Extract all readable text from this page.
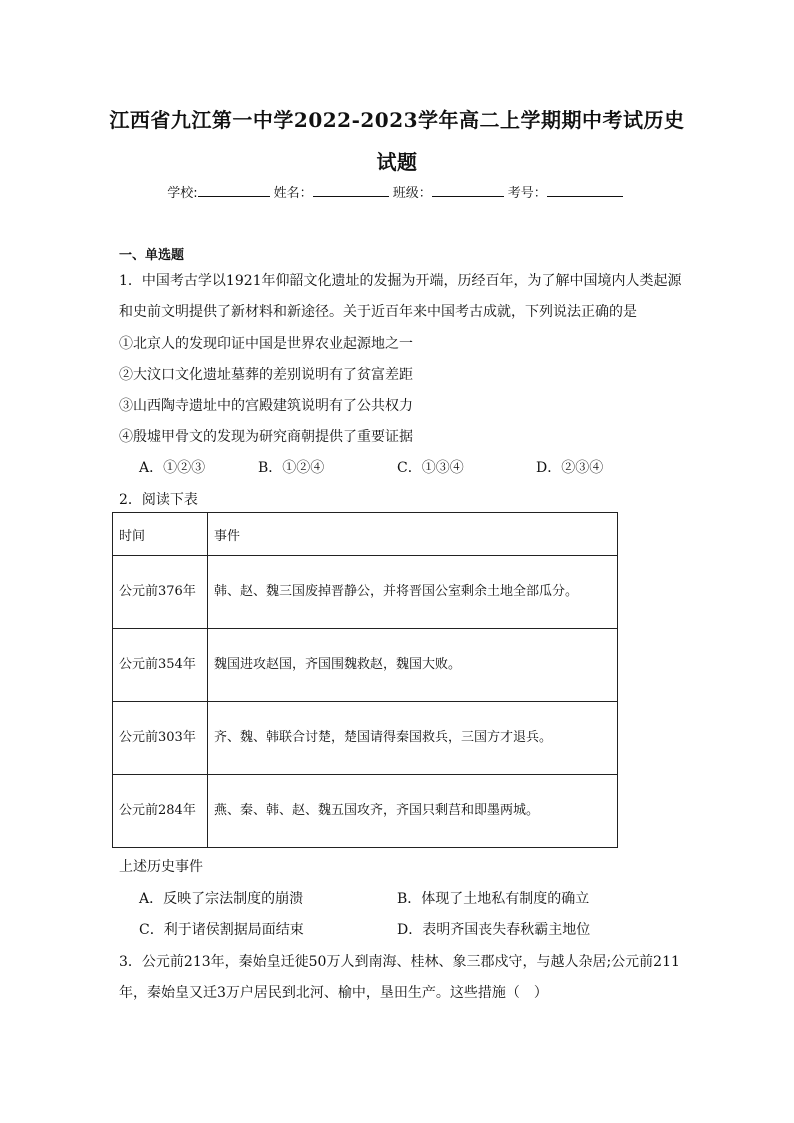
江西省九江第一中学2022-2023学年高二上学期期中考试历史
试题
学校:	姓名：	班级：	考号：
一、单选题
1．中国考古学以1921年仰韶文化遗址的发掘为开端，历经百年，为了解中国境内人类起源
和史前文明提供了新材料和新途径。关于近百年来中国考古成就，下列说法正确的是
①北京人的发现印证中国是世界农业起源地之一
②大汶口文化遗址墓葬的差别说明有了贫富差距
③山西陶寺遗址中的宫殿建筑说明有了公共权力
④殷墟甲骨文的发现为研究商朝提供了重要证据
A．①②③	B．①②④	C．①③④	D．②③④
2．阅读下表
时间	事件
公元前376年	韩、赵、魏三国废掉晋静公，并将晋国公室剩余土地全部瓜分。
公元前354年	魏国进攻赵国，齐国围魏救赵，魏国大败。
公元前303年	齐、魏、韩联合讨楚，楚国请得秦国救兵，三国方才退兵。
公元前284年	燕、秦、韩、赵、魏五国攻齐，齐国只剩莒和即墨两城。
上述历史事件
A．反映了宗法制度的崩溃	B．体现了土地私有制度的确立
C．利于诸侯割据局面结束	D．表明齐国丧失春秋霸主地位
3．公元前213年，秦始皇迁徙50万人到南海、桂林、象三郡戍守，与越人杂居;公元前211
年，秦始皇又迁3万户居民到北河、榆中，垦田生产。这些措施（　）
